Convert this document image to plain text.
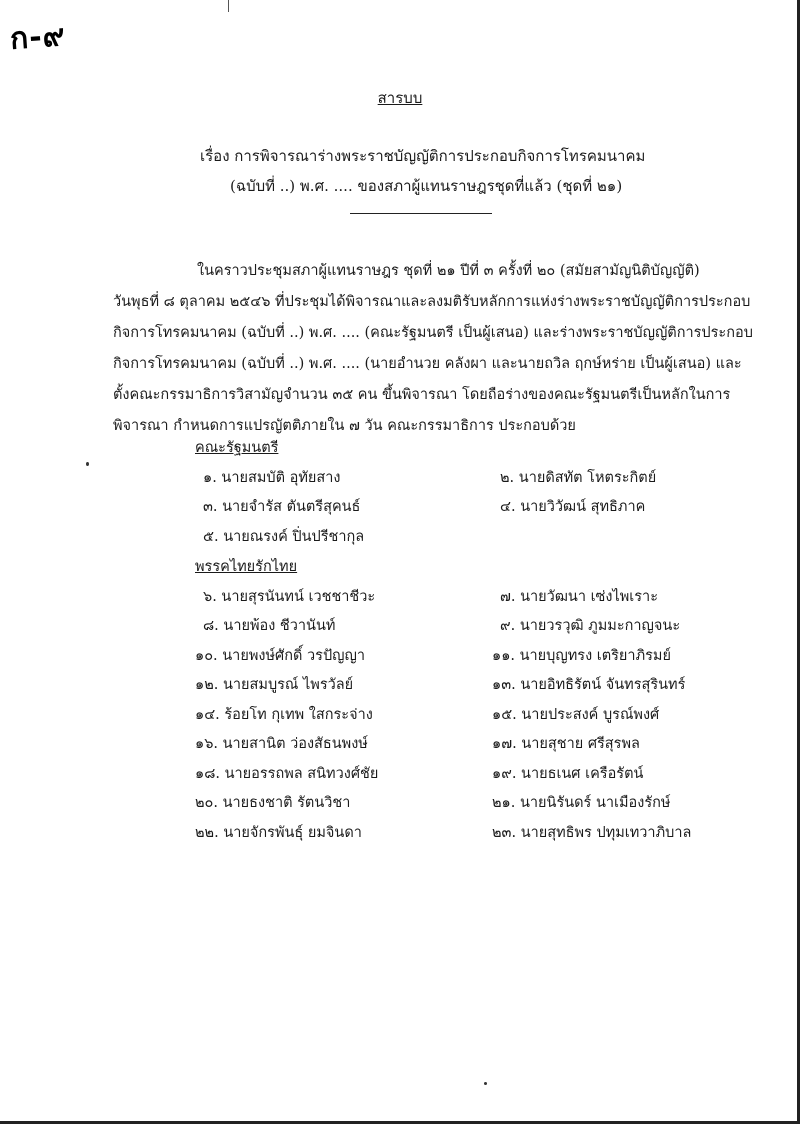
ก-๙
สารบบ
เรื่อง การพิจารณาร่างพระราชบัญญัติการประกอบกิจการโทรคมนาคม
(ฉบับที่ ..) พ.ศ. .... ของสภาผู้แทนราษฎรชุดที่แล้ว (ชุดที่ ๒๑)
ในคราวประชุมสภาผู้แทนราษฎร ชุดที่ ๒๑ ปีที่ ๓ ครั้งที่ ๒๐ (สมัยสามัญนิติบัญญัติ)
วันพุธที่ ๘ ตุลาคม ๒๕๔๖ ที่ประชุมได้พิจารณาและลงมติรับหลักการแห่งร่างพระราชบัญญัติการประกอบ
กิจการโทรคมนาคม (ฉบับที่ ..) พ.ศ. .... (คณะรัฐมนตรี เป็นผู้เสนอ) และร่างพระราชบัญญัติการประกอบ
กิจการโทรคมนาคม (ฉบับที่ ..) พ.ศ. .... (นายอำนวย คลังผา และนายถวิล ฤกษ์หร่าย เป็นผู้เสนอ) และ
ตั้งคณะกรรมาธิการวิสามัญจำนวน ๓๕ คน ขึ้นพิจารณา โดยถือร่างของคณะรัฐมนตรีเป็นหลักในการ
พิจารณา กำหนดการแปรญัตติภายใน ๗ วัน คณะกรรมาธิการ ประกอบด้วย
คณะรัฐมนตรี
๑. นายสมบัติ อุทัยสาง	๒. นายดิสทัต โหตระกิตย์
๓. นายจำรัส ตันตรีสุคนธ์	๔. นายวิวัฒน์ สุทธิภาค
๕. นายณรงค์ ปิ่นปรีชากุล
พรรคไทยรักไทย
๖. นายสุรนันทน์ เวชชาชีวะ	๗. นายวัฒนา เซ่งไพเราะ
๘. นายพ้อง ชีวานันท์	๙. นายวรวุฒิ ภูมมะกาญจนะ
๑๐. นายพงษ์ศักดิ์ วรปัญญา	๑๑. นายบุญทรง เตริยาภิรมย์
๑๒. นายสมบูรณ์ ไพรวัลย์	๑๓. นายอิทธิรัตน์ จันทรสุรินทร์
๑๔. ร้อยโท กุเทพ ใสกระจ่าง	๑๕. นายประสงค์ บูรณ์พงศ์
๑๖. นายสานิต ว่องสัธนพงษ์	๑๗. นายสุชาย ศรีสุรพล
๑๘. นายอรรถพล สนิทวงศ์ชัย	๑๙. นายธเนศ เครือรัตน์
๒๐. นายธงชาติ รัตนวิชา	๒๑. นายนิรันดร์ นาเมืองรักษ์
๒๒. นายจักรพันธุ์ ยมจินดา	๒๓. นายสุทธิพร ปทุมเทวาภิบาล
